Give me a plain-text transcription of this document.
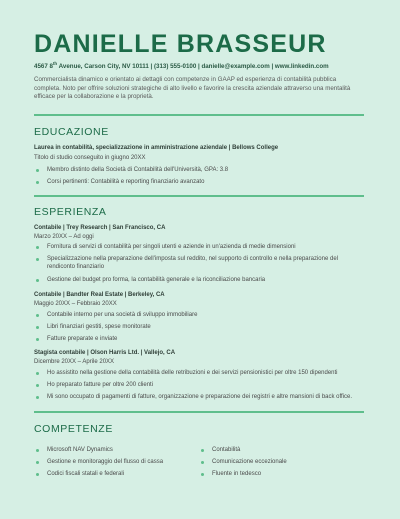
DANIELLE BRASSEUR
4567 8th Avenue, Carson City, NV 10111 | (313) 555-0100 | danielle@example.com | www.linkedin.com
Commercialista dinamico e orientato ai dettagli con competenze in GAAP ed esperienza di contabilità pubblica completa. Noto per offrire soluzioni strategiche di alto livello e favorire la crescita aziendale attraverso una mentalità efficace per la collaborazione e la proprietà.
EDUCAZIONE
Laurea in contabilità, specializzazione in amministrazione aziendale | Bellows College
Titolo di studio conseguito in giugno 20XX
Membro distinto della Società di Contabilità dell'Università, GPA: 3.8
Corsi pertinenti: Contabilità e reporting finanziario avanzato
ESPERIENZA
Contabile | Trey Research | San Francisco, CA
Marzo 20XX – Ad oggi
Fornitura di servizi di contabilità per singoli utenti e aziende in un'azienda di medie dimensioni
Specializzazione nella preparazione dell'imposta sul reddito, nel supporto di controllo e nella preparazione del rendiconto finanziario
Gestione del budget pro forma, la contabilità generale e la riconciliazione bancaria
Contabile | Bandter Real Estate | Berkeley, CA
Maggio 20XX – Febbraio 20XX
Contabile interno per una società di sviluppo immobiliare
Libri finanziari gestiti, spese monitorate
Fatture preparate e inviate
Stagista contabile | Olson Harris Ltd. | Vallejo, CA
Dicembre 20XX – Aprile 20XX
Ho assistito nella gestione della contabilità delle retribuzioni e dei servizi pensionistici per oltre 150 dipendenti
Ho preparato fatture per oltre 200 clienti
Mi sono occupato di pagamenti di fatture, organizzazione e preparazione dei registri e altre mansioni di back office.
COMPETENZE
Microsoft NAV Dynamics
Gestione e monitoraggio del flusso di cassa
Codici fiscali statali e federali
Contabilità
Comunicazione eccezionale
Fluente in tedesco
